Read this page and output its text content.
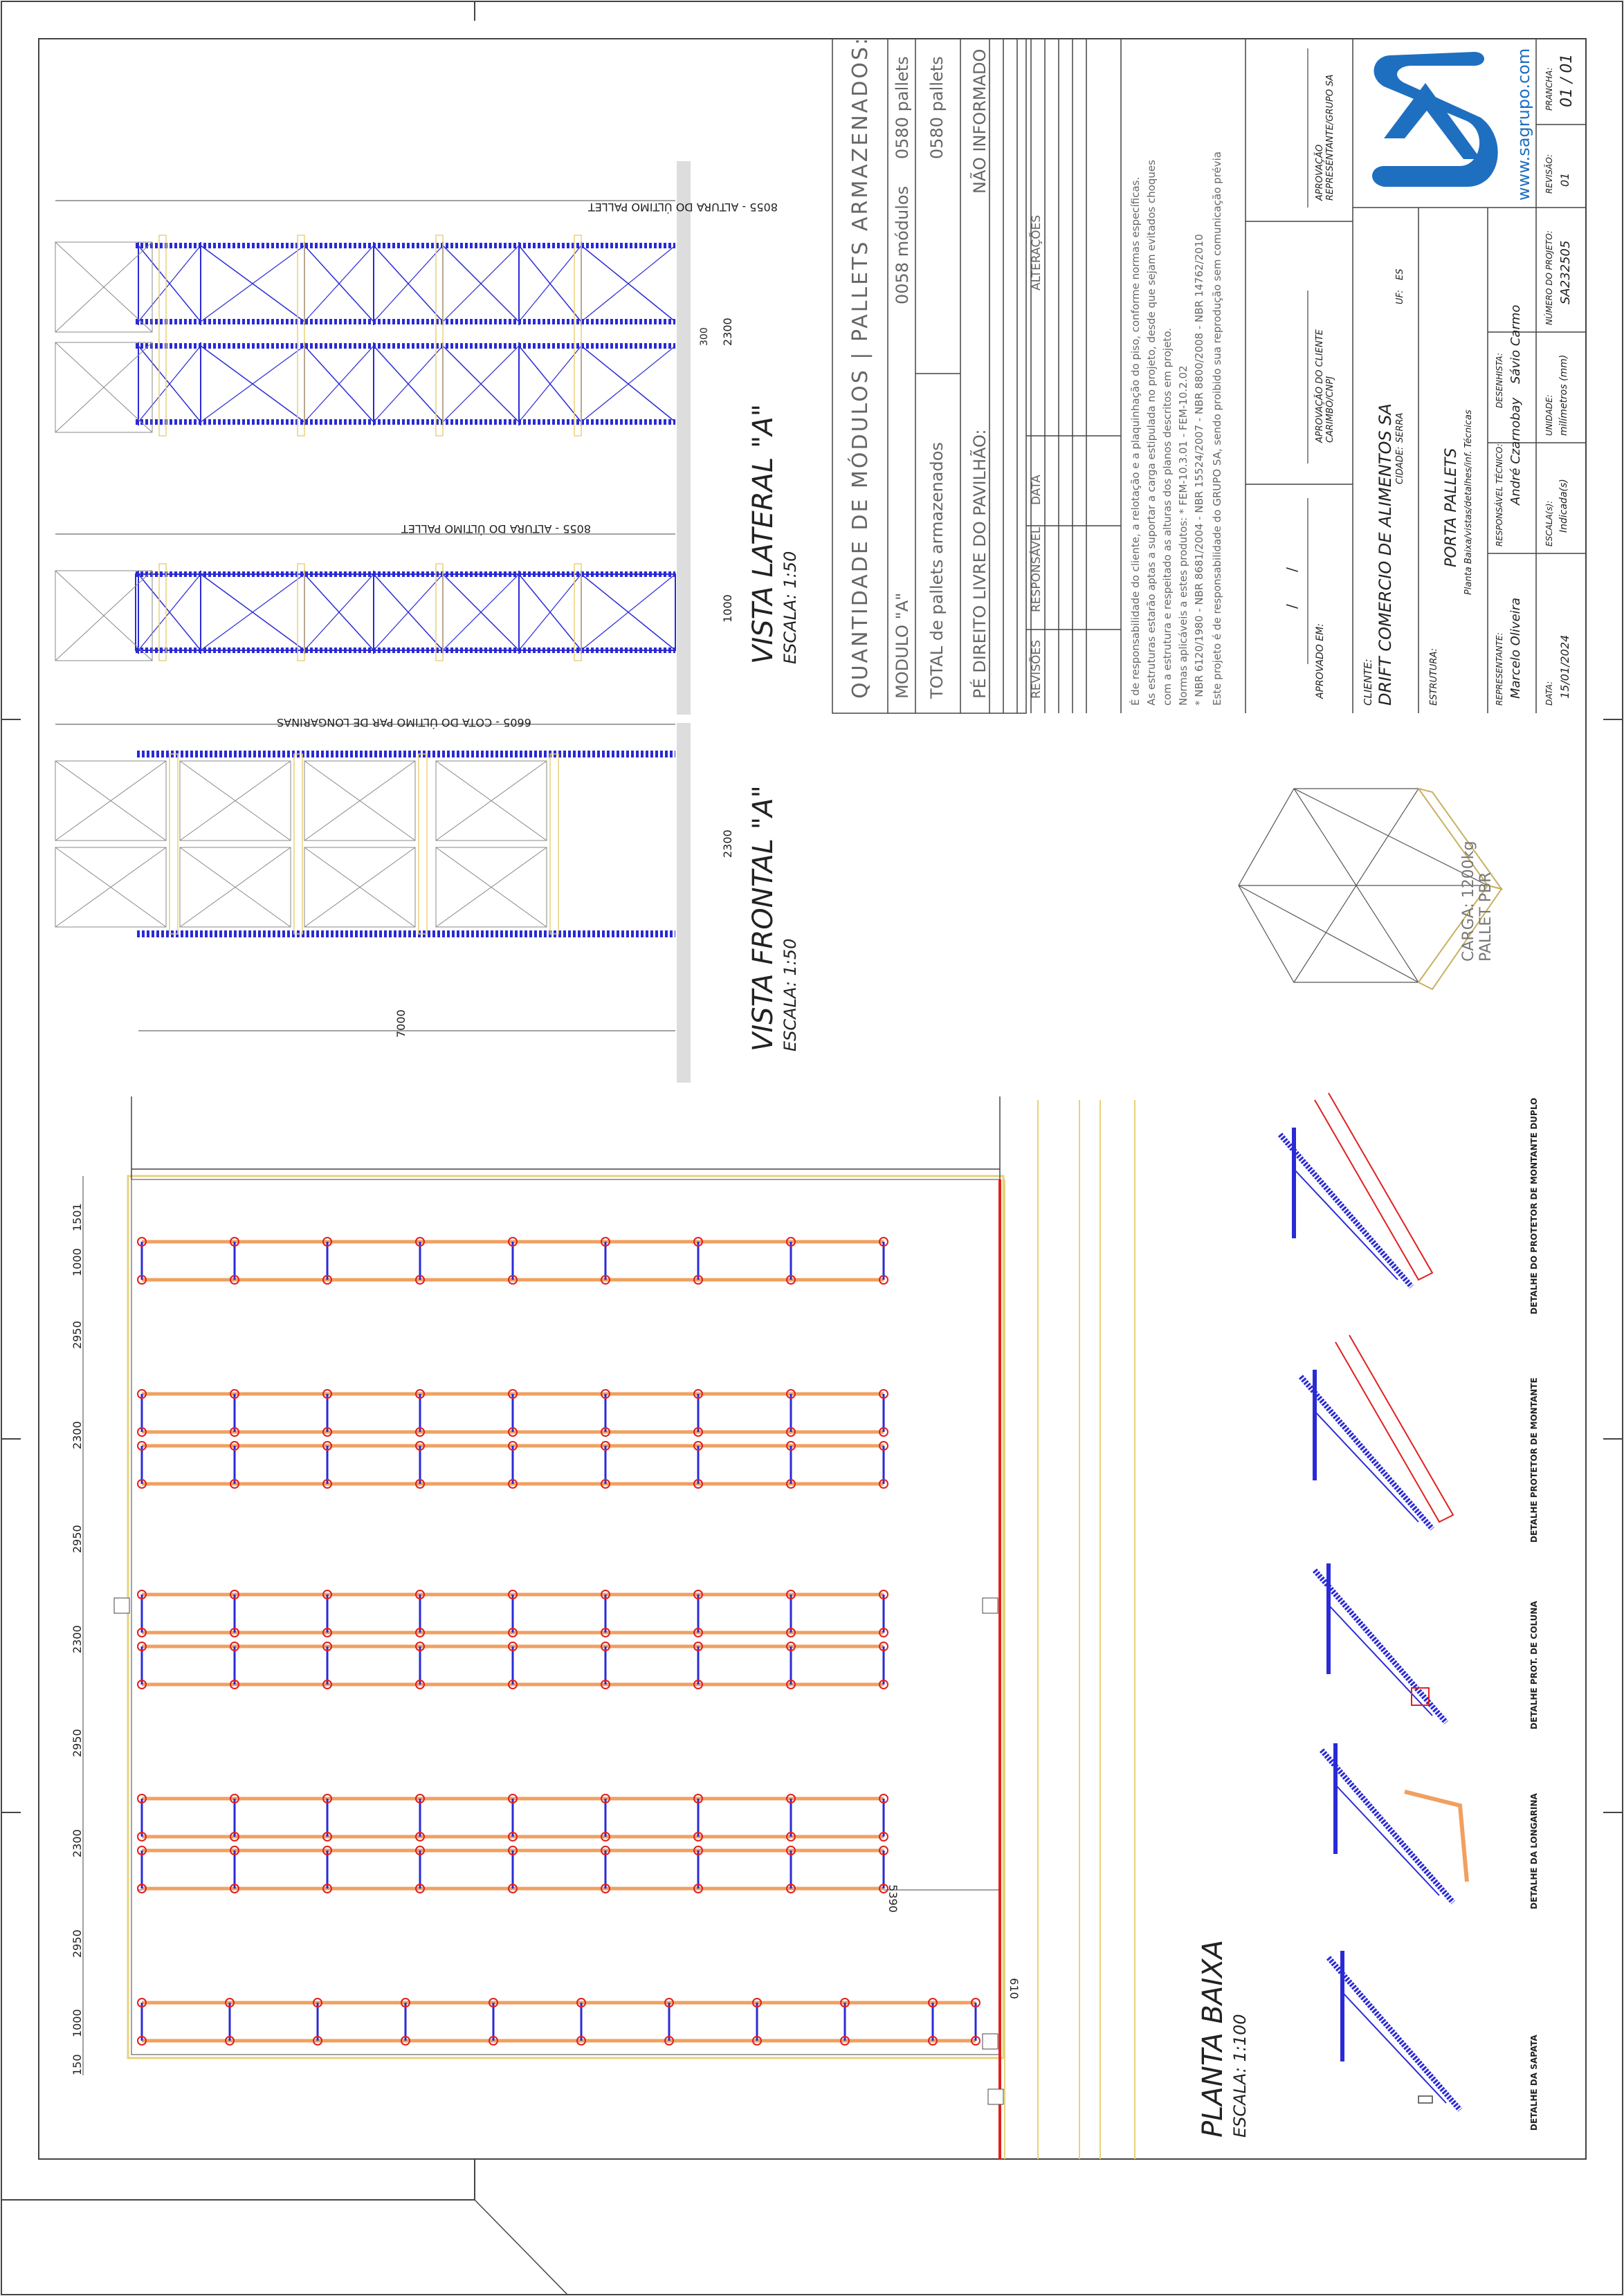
QUANTIDADE DE MÓDULOS | PALLETS ARMAZENADOS: MODULO "A"
0058 módulos
0580 pallets
TOTAL de pallets armazenados
0580 pallets
PÉ DIREITO LIVRE DO PAVILHÃO:
NÃO INFORMADO
REVISÕES
RESPONSÁVEL
DATA
ALTERAÇÕES	É de responsabilidade do cliente, a relotação e a plaquinhação do piso, conforme normas específicas. As estruturas estarão aptas a suportar a carga estipulada no projeto, desde que sejam evitados choques com a estrutura e respeitado as alturas dos planos descritos em projeto. Normas aplicáveis a estes produtos: * FEM-10.3.01 - FEM-10.2.02 * NBR 6120/1980 - NBR 8681/2004 - NBR 15524/2007 - NBR 8800/2008 - NBR 14762/2010 Este projeto é de responsabilidade do GRUPO SA, sendo proibido sua reprodução sem comunicação prévia	APROVADO EM:
/ /
APROVAÇÃO DO CLIENTE CARIMBO/CNPJ
APROVAÇÃO REPRESENTANTE/GRUPO SA
CLIENTE: DRIFT COMERCIO DE ALIMENTOS SA CIDADE:
SERRA
UF:
ES
ESTRUTURA:
PORTA PALLETS Planta Baixa/vistas/detalhes/inf. Técnicas
REPRESENTANTE: Marcelo Oliveira
RESPONSÁVEL TÉCNICO: André Czarnobay
DESENHISTA: Sávio Carmo
DATA: 15/01/2024
ESCALA(s): Indicada(s)
UNIDADE: milímetros (mm)
NÚMERO DO PROJETO: SA232505
REVISÃO: 01
PRANCHA: 01 / 01
www.sagrupo.com
8055 - ALTURA DO ÚLTIMO PALLET
8055 - ALTURA DO ÚLTIMO PALLET
6605 - COTA DO ÚLTIMO PAR DE LONGARINAS
VISTA LATERAL "A" ESCALA: 1:50
VISTA FRONTAL "A" ESCALA: 1:50
7000
2300
1000
300
2300	CARGA: 1200kg PALLET PBR
PLANTA BAIXA ESCALA: 1:100
5390
610
1501
1000
2950
2300
2950
2300
2950
2300
2950
1000
150
DETALHE DO PROTETOR DE MONTANTE DUPLO
DETALHE PROTETOR DE MONTANTE
DETALHE PROT. DE COLUNA
DETALHE DA LONGARINA
DETALHE DA SAPATA
